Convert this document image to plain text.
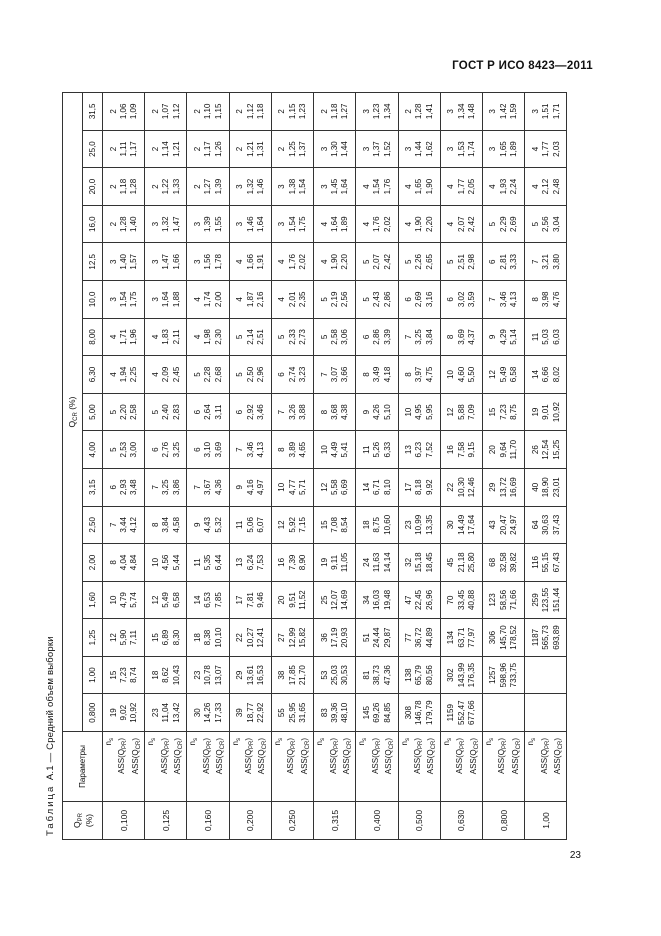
ГОСТ Р ИСО 8423—2011
Таблица А.1 — Средний объем выборки
$Q_{PR}$ (%)	Параметры	$Q_{CR}$ (%)																
		0,800	1,00	1,25	1,60	2,00	2,50	3,15	4,00	5,00	6,30	8,00	10,0	12,5	16,0	20,0	25,0	31,5
0,100	$n_s$
$ASS(Q_{PR})$
$ASS(Q_{CR})$	19 9,02 10,92	15 7,23 8,74	12 5,90 7,11	10 4,79 5,74	8 4,04 4,84	7 3,44 4,12	6 2,93 3,48	5 2,53 3,00	5 2,20 2,58	4 1,94 2,25	4 1,71 1,96	3 1,54 1,75	3 1,40 1,57	2 1,28 1,40	2 1,18 1,28	2 1,11 1,17	2 1,06 1,09

0,125	$n_s$
$ASS(Q_{PR})$
$ASS(Q_{CR})$	23 11,04 13,42	18 8,62 10,43	15 6,89 8,30	12 5,49 6,58	10 4,56 5,44	8 3,84 4,58	7 3,25 3,86	6 2,76 3,25	5 2,40 2,83	4 2,09 2,45	4 1,83 2,11	3 1,64 1,88	3 1,47 1,66	3 1,32 1,47	2 1,22 1,33	2 1,14 1,21	2 1,07 1,12

0,160	$n_s$
$ASS(Q_{PR})$
$ASS(Q_{CR})$	30 14,26 17,33	23 10,78 13,07	18 8,38 10,10	14 6,53 7,85	11 5,35 6,44	9 4,43 5,32	7 3,67 4,36	6 3,10 3,69	6 2,64 3,11	5 2,28 2,68	4 1,98 2,30	4 1,74 2,00	3 1,56 1,78	3 1,39 1,55	2 1,27 1,39	2 1,17 1,26	2 1,10 1,15

0,200	$n_s$
$ASS(Q_{PR})$
$ASS(Q_{CR})$	39 18,77 22,92	29 13,61 16,53	22 10,27 12,41	17 7,81 9,46	13 6,24 7,53	11 5,06 6,07	9 4,16 4,97	7 3,46 4,13	6 2,92 3,46	5 2,50 2,96	5 2,14 2,51	4 1,87 2,16	4 1,66 1,91	3 1,46 1,64	3 1,32 1,46	2 1,21 1,31	2 1,12 1,18

0,250	$n_s$
$ASS(Q_{PR})$
$ASS(Q_{CR})$	55 25,95 31,65	38 17,85 21,70	27 12,99 15,82	20 9,51 11,52	16 7,39 8,90	12 5,92 7,15	10 4,77 5,71	8 3,89 4,65	7 3,26 3,88	6 2,74 3,23	5 2,33 2,73	4 2,01 2,35	4 1,76 2,02	3 1,54 1,75	3 1,38 1,54	2 1,25 1,37	2 1,15 1,23

0,315	$n_s$
$ASS(Q_{PR})$
$ASS(Q_{CR})$	83 39,36 48,10	53 25,03 30,53	36 17,19 20,93	25 12,07 14,69	19 9,11 11,05	15 7,08 8,54	12 5,58 6,69	10 4,49 5,41	8 3,68 4,38	7 3,07 3,66	5 2,58 3,06	5 2,19 2,56	4 1,90 2,20	4 1,64 1,89	3 1,45 1,64	3 1,30 1,44	2 1,18 1,27

0,400	$n_s$
$ASS(Q_{PR})$
$ASS(Q_{CR})$	145 69,26 84,85	81 38,73 47,36	51 24,44 29,87	34 16,03 19,48	24 11,63 14,14	18 8,75 10,60	14 6,71 8,10	11 5,26 6,33	9 4,26 5,10	8 3,49 4,18	6 2,86 3,39	5 2,43 2,86	5 2,07 2,42	4 1,76 2,02	4 1,54 1,76	3 1,37 1,52	3 1,23 1,34

0,500	$n_s$
$ASS(Q_{PR})$
$ASS(Q_{CR})$	308 146,78 179,79	138 65,79 80,56	77 36,72 44,89	47 22,45 26,96	32 15,18 18,45	23 10,99 13,35	17 8,18 9,92	13 6,23 7,52	10 4,95 5,95	8 3,97 4,75	7 3,25 3,84	6 2,69 3,16	5 2,26 2,65	4 1,90 2,20	4 1,65 1,90	3 1,44 1,62	2 1,28 1,41

0,630	$n_s$
$ASS(Q_{PR})$
$ASS(Q_{CR})$	1159 552,47 677,66	302 143,99 176,35	134 63,71 77,97	70 33,45 40,88	45 21,18 25,80	30 14,49 17,64	22 10,30 12,46	16 7,58 9,15	12 5,88 7,09	10 4,60 5,50	8 3,69 4,37	6 3,02 3,59	5 2,51 2,98	4 2,07 2,42	4 1,77 2,05	3 1,53 1,74	3 1,34 1,48

0,800	$n_s$
$ASS(Q_{PR})$
$ASS(Q_{CR})$		1257 598,96 733,75	306 145,70 178,52	123 58,56 71,66	68 32,58 39,82	43 20,47 24,97	29 13,72 16,69	20 9,64 11,70	15 7,23 8,75	12 5,49 6,58	9 4,29 5,14	7 3,46 4,13	6 2,81 3,33	5 2,29 2,69	4 1,93 2,24	3 1,65 1,89	3 1,42 1,59

1,00	$n_s$
$ASS(Q_{PR})$
$ASS(Q_{CR})$			1187 565,73 693,89	259 123,55 151,44	116 55,15 67,43	64 30,63 37,43	40 18,90 23,01	26 12,54 15,25	19 9,01 10,92	14 6,66 8,02	11 5,03 6,03	8 3,98 4,76	7 3,21 3,80	5 2,56 3,04	4 2,12 2,48	4 1,77 2,03	3 1,51 1,71
23
